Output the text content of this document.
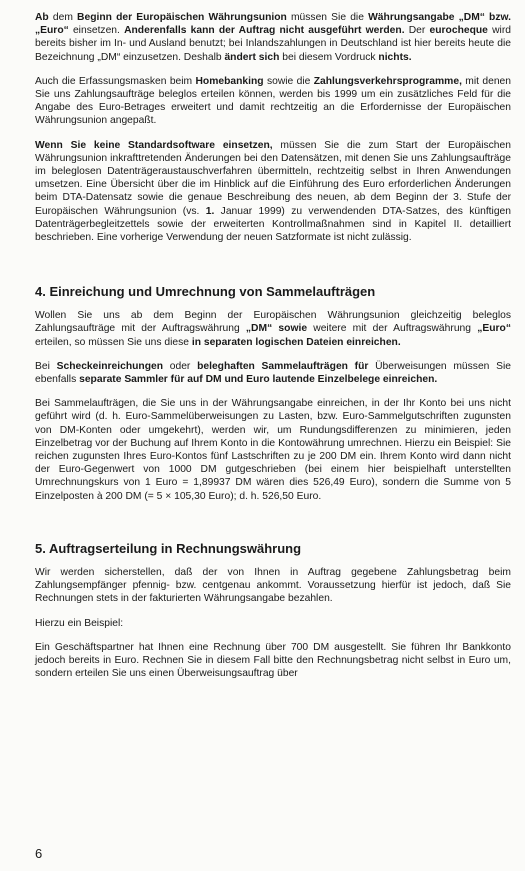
Ab dem Beginn der Europäischen Währungsunion müssen Sie die Währungsangabe „DM“ bzw. „Euro“ einsetzen. Anderenfalls kann der Auftrag nicht ausgeführt werden. Der eurocheque wird bereits bisher im In- und Ausland benutzt; bei Inlandszahlungen in Deutschland ist hier bereits heute die Bezeichnung „DM“ einzusetzen. Deshalb ändert sich bei diesem Vordruck nichts.

Auch die Erfassungsmasken beim Homebanking sowie die Zahlungsverkehrsprogramme, mit denen Sie uns Zahlungsaufträge beleglos erteilen können, werden bis 1999 um ein zusätzliches Feld für die Angabe des Euro-Betrages erweitert und damit rechtzeitig an die Erfordernisse der Europäischen Währungsunion angepaßt.

Wenn Sie keine Standardsoftware einsetzen, müssen Sie die zum Start der Europäischen Währungsunion inkrafttretenden Änderungen bei den Datensätzen, mit denen Sie uns Zahlungsaufträge im beleglosen Datenträgeraustauschverfahren übermitteln, rechtzeitig selbst in Ihren Anwendungen umsetzen. Eine Übersicht über die im Hinblick auf die Einführung des Euro erforderlichen Änderungen beim DTA-Datensatz sowie die genaue Beschreibung des neuen, ab dem Beginn der 3. Stufe der Europäischen Währungsunion (vs. 1. Januar 1999) zu verwendenden DTA-Satzes, des künftigen Datenträgerbegleitzettels sowie der erweiterten Kontrollmaßnahmen sind in Kapitel II. detailliert beschrieben. Eine vorherige Verwendung der neuen Satzformate ist nicht zulässig.

4. Einreichung und Umrechnung von Sammelaufträgen

Wollen Sie uns ab dem Beginn der Europäischen Währungsunion gleichzeitig beleglos Zahlungsaufträge mit der Auftragswährung „DM“ sowie weitere mit der Auftragswährung „Euro“ erteilen, so müssen Sie uns diese in separaten logischen Dateien einreichen.

Bei Scheckeinreichungen oder beleghaften Sammelaufträgen für Überweisungen müssen Sie ebenfalls separate Sammler für auf DM und Euro lautende Einzelbelege einreichen.

Bei Sammelaufträgen, die Sie uns in der Währungsangabe einreichen, in der Ihr Konto bei uns nicht geführt wird (d. h. Euro-Sammelüberweisungen zu Lasten, bzw. Euro-Sammelgutschriften zugunsten von DM-Konten oder umgekehrt), werden wir, um Rundungsdifferenzen zu minimieren, jeden Einzelbetrag vor der Buchung auf Ihrem Konto in die Kontowährung umrechnen. Hierzu ein Beispiel: Sie reichen zugunsten Ihres Euro-Kontos fünf Lastschriften zu je 200 DM ein. Ihrem Konto wird dann nicht der Euro-Gegenwert von 1000 DM gutgeschrieben (bei einem hier beispielhaft unterstellten Umrechnungskurs von 1 Euro = 1,89937 DM wären dies 526,49 Euro), sondern die Summe von 5 Einzelposten à 200 DM (= 5 × 105,30 Euro); d. h. 526,50 Euro.

5. Auftragserteilung in Rechnungswährung

Wir werden sicherstellen, daß der von Ihnen in Auftrag gegebene Zahlungsbetrag beim Zahlungsempfänger pfennig- bzw. centgenau ankommt. Voraussetzung hierfür ist jedoch, daß Sie Rechnungen stets in der fakturierten Währungsangabe bezahlen.

Hierzu ein Beispiel:

Ein Geschäftspartner hat Ihnen eine Rechnung über 700 DM ausgestellt. Sie führen Ihr Bankkonto jedoch bereits in Euro. Rechnen Sie in diesem Fall bitte den Rechnungsbetrag nicht selbst in Euro um, sondern erteilen Sie uns einen Überweisungsauftrag über

6
